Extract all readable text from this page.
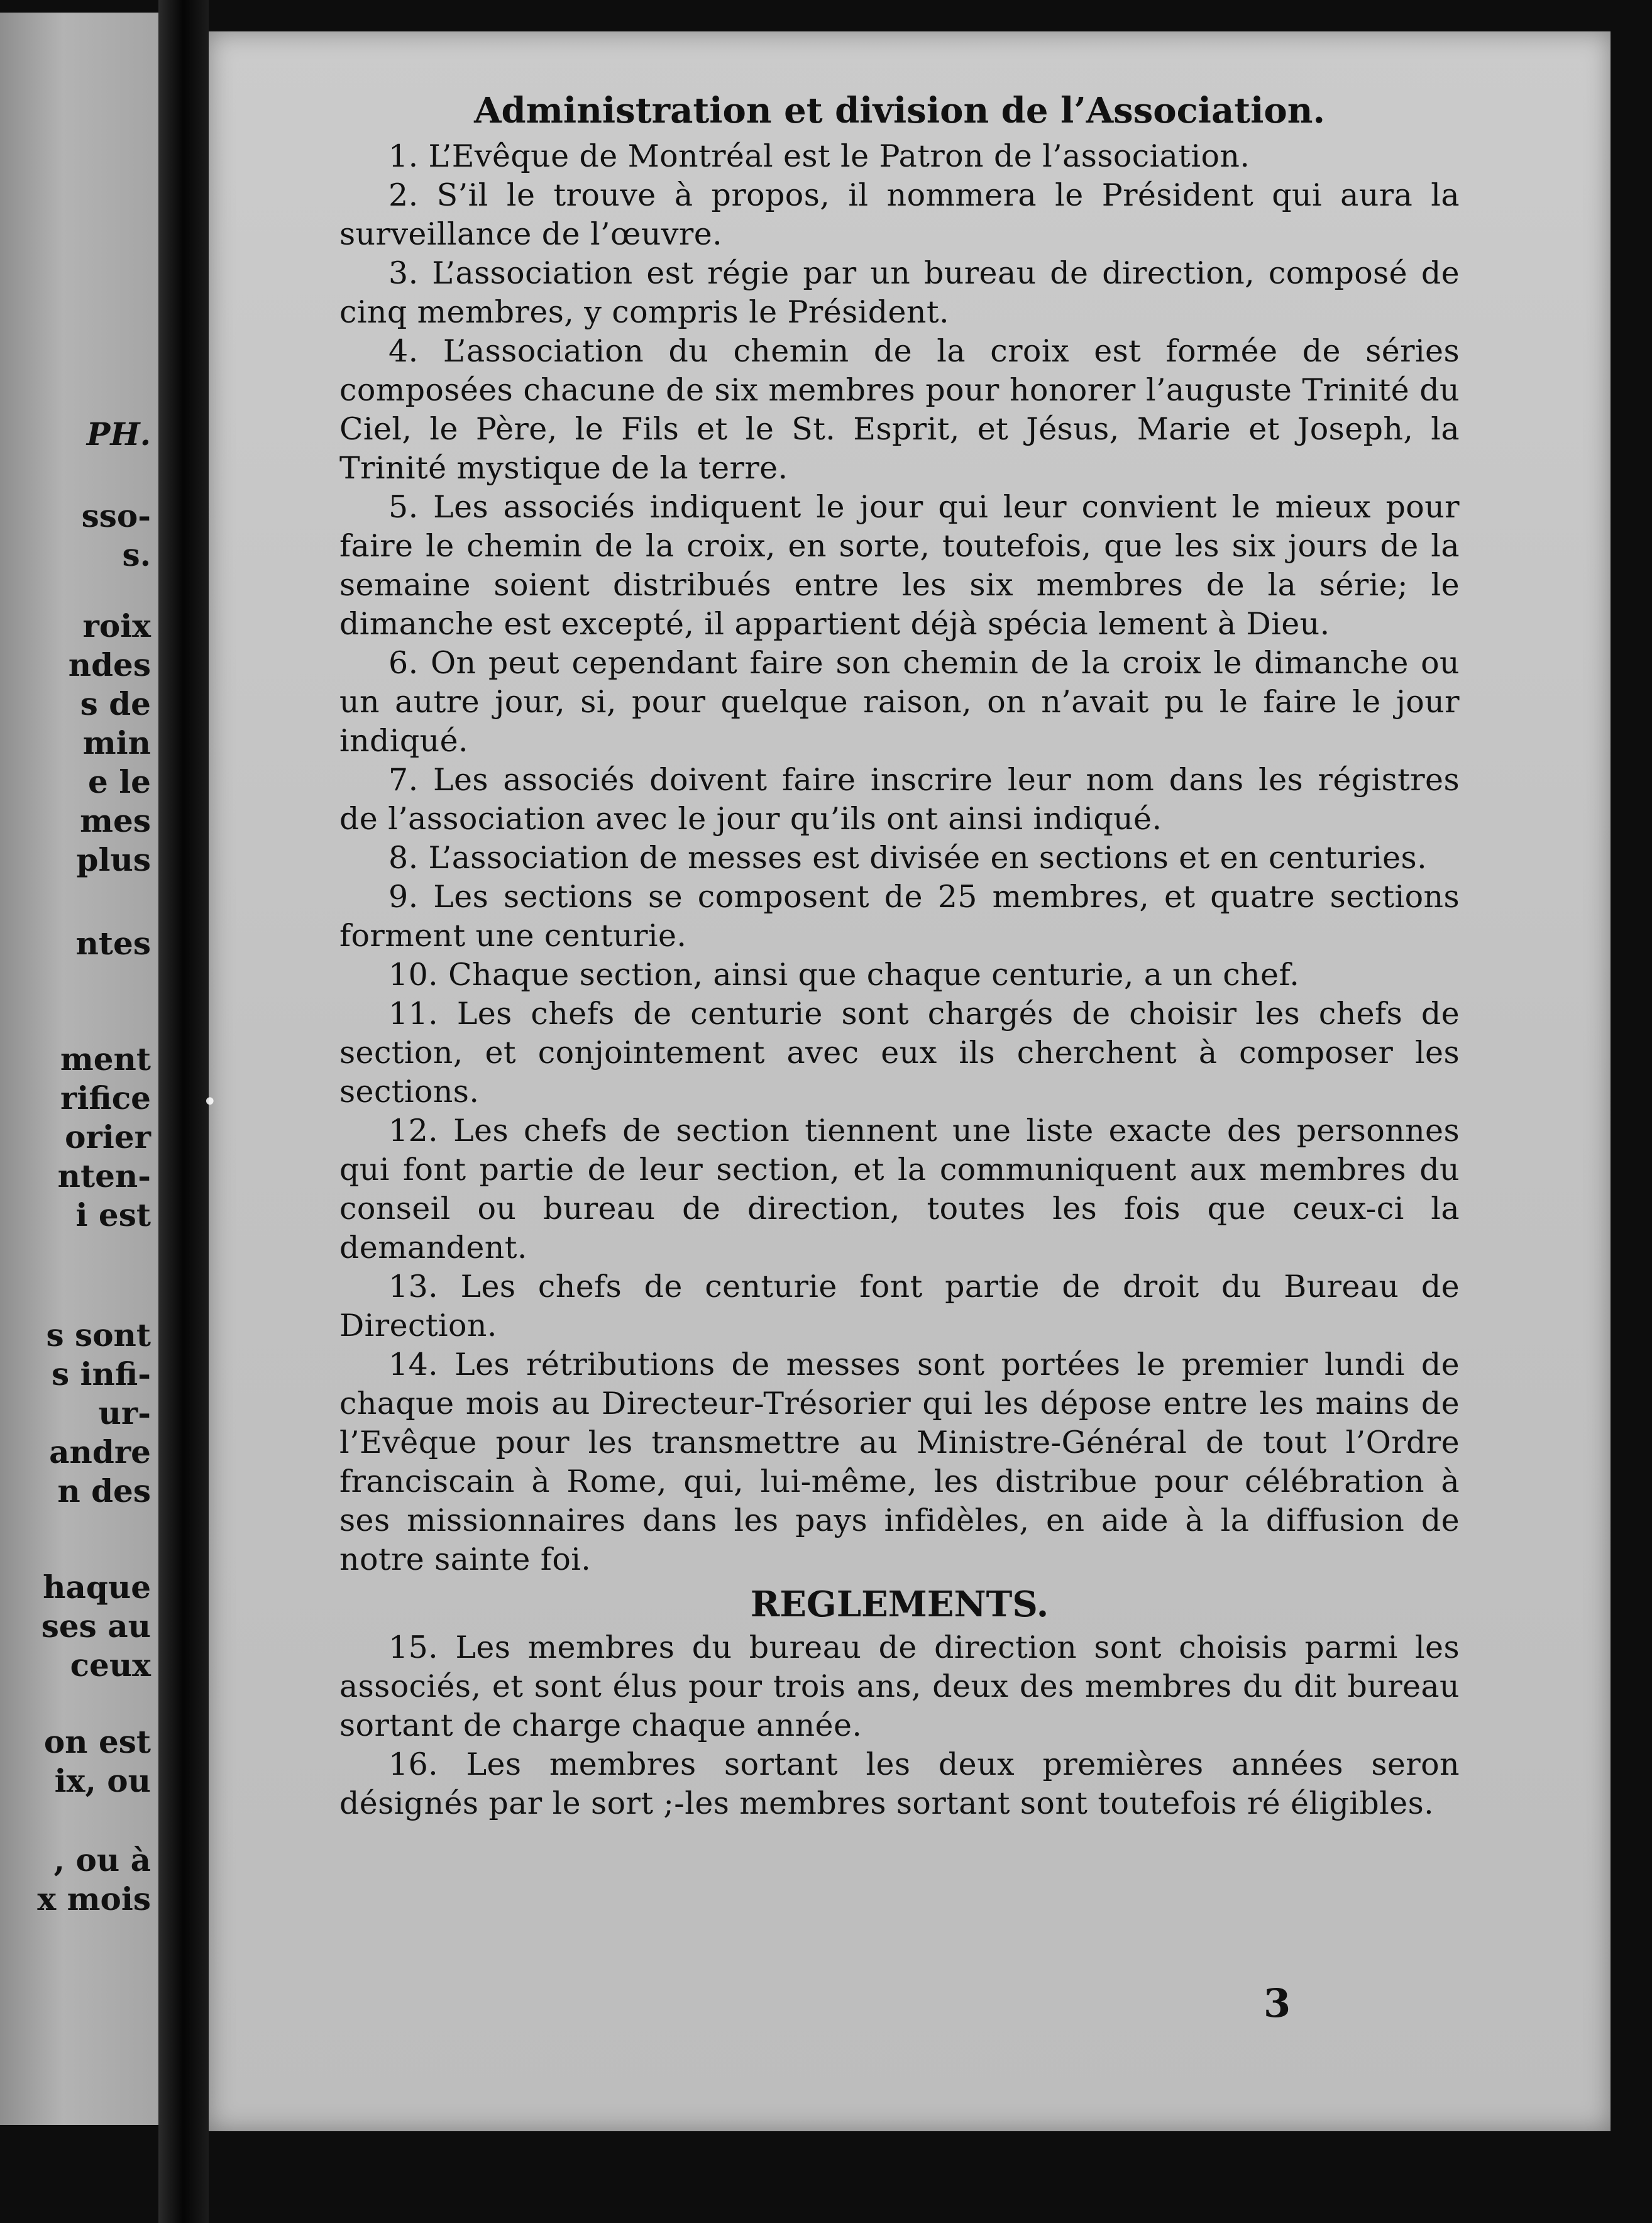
PH.
sso-
s.
roix
ndes
s de
min
e le
mes
plus
ntes
ment
rifice
orier
nten-
i est
s sont
s infi-
ur-
andre
n des
haque
ses au
ceux
on est
ix, ou
, ou à
x mois
•
Administration et division de l’Association.

1. L’Evêque de Montréal est le Patron de l’association.

2. S’il le trouve à propos, il nommera le Président qui aura la surveillance de l’œuvre.

3. L’association est régie par un bureau de direction, composé de cinq membres, y compris le Président.

4. L’association du chemin de la croix est formée de séries composées chacune de six membres pour honorer l’auguste Trinité du Ciel, le Père, le Fils et le St. Esprit, et Jésus, Marie et Joseph, la Trinité mystique de la terre.

5. Les associés indiquent le jour qui leur convient le mieux pour faire le chemin de la croix, en sorte, toutefois, que les six jours de la semaine soient distribués entre les six membres de la série; le dimanche est excepté, il appartient déjà spécia lement à Dieu.

6. On peut cependant faire son chemin de la croix le dimanche ou un autre jour, si, pour quelque raison, on n’avait pu le faire le jour indiqué.

7. Les associés doivent faire inscrire leur nom dans les régistres de l’association avec le jour qu’ils ont ainsi indiqué.

8. L’association de messes est divisée en sections et en centuries.

9. Les sections se composent de 25 membres, et quatre sections forment une centurie.

10. Chaque section, ainsi que chaque centurie, a un chef.

11. Les chefs de centurie sont chargés de choisir les chefs de section, et conjointement avec eux ils cherchent à composer les sections.

12. Les chefs de section tiennent une liste exacte des personnes qui font partie de leur section, et la communiquent aux membres du conseil ou bureau de direction, toutes les fois que ceux-ci la demandent.

13. Les chefs de centurie font partie de droit du Bureau de Direction.

14. Les rétributions de messes sont portées le premier lundi de chaque mois au Directeur-Trésorier qui les dépose entre les mains de l’Evêque pour les transmettre au Ministre-Général de tout l’Ordre franciscain à Rome, qui, lui-même, les distribue pour célébration à ses missionnaires dans les pays infidèles, en aide à la diffusion de notre sainte foi.

REGLEMENTS.

15. Les membres du bureau de direction sont choisis parmi les associés, et sont élus pour trois ans, deux des membres du dit bureau sortant de charge chaque année.

16. Les membres sortant les deux premières années seron désignés par le sort ;-les membres sortant sont toutefois ré éligibles.

3
